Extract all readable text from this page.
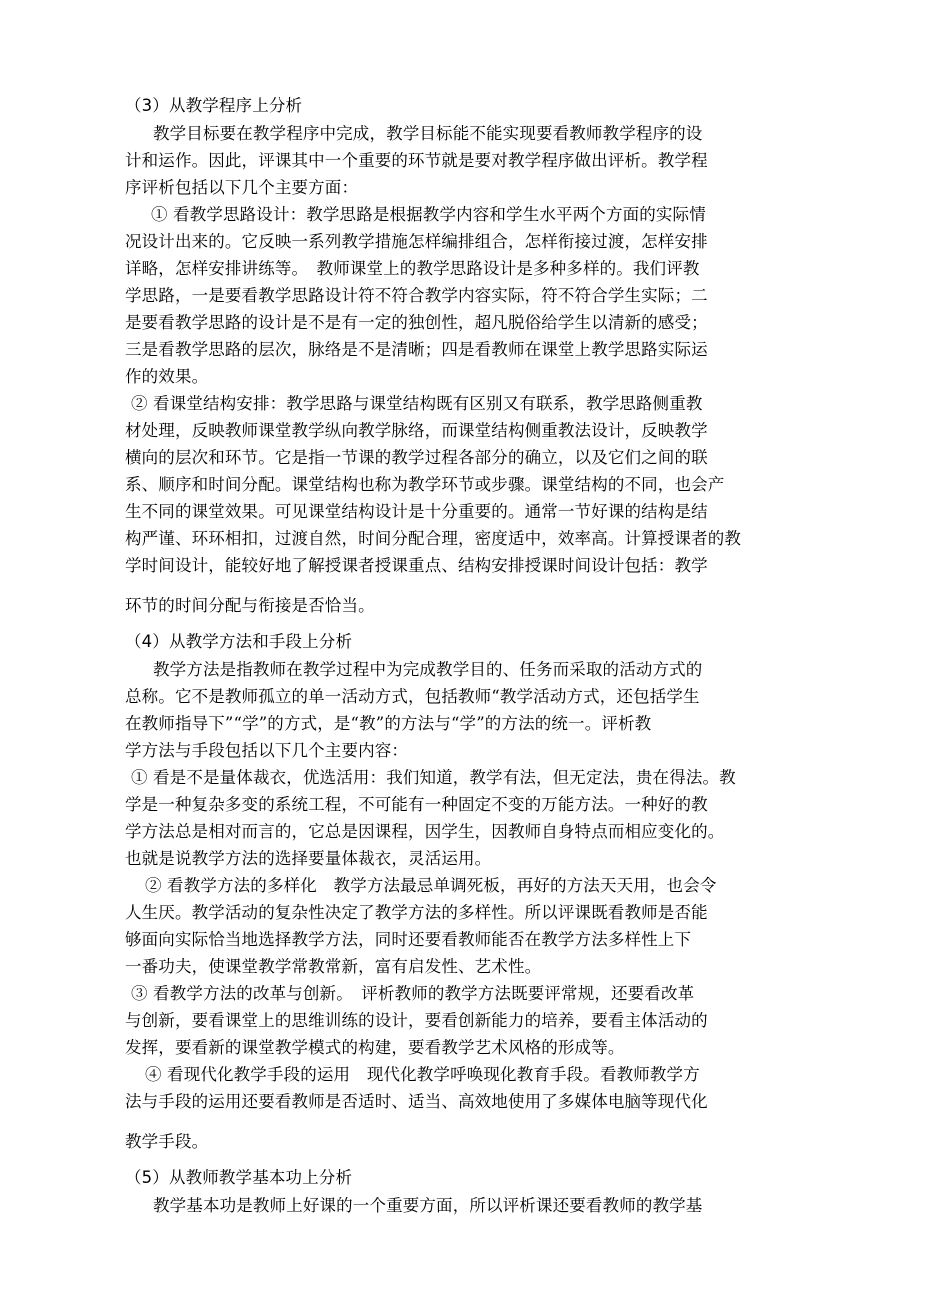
（3）从教学程序上分析
教学目标要在教学程序中完成，教学目标能不能实现要看教师教学程序的设
计和运作。因此，评课其中一个重要的环节就是要对教学程序做出评析。教学程
序评析包括以下几个主要方面：
① 看教学思路设计：教学思路是根据教学内容和学生水平两个方面的实际情
况设计出来的。它反映一系列教学措施怎样编排组合，怎样衔接过渡，怎样安排
详略，怎样安排讲练等。　教师课堂上的教学思路设计是多种多样的。我们评教
学思路，一是要看教学思路设计符不符合教学内容实际，符不符合学生实际；二
是要看教学思路的设计是不是有一定的独创性，超凡脱俗给学生以清新的感受；
三是看教学思路的层次，脉络是不是清晰；四是看教师在课堂上教学思路实际运
作的效果。
② 看课堂结构安排：教学思路与课堂结构既有区别又有联系，教学思路侧重教
材处理，反映教师课堂教学纵向教学脉络，而课堂结构侧重教法设计，反映教学
横向的层次和环节。它是指一节课的教学过程各部分的确立，以及它们之间的联
系、顺序和时间分配。课堂结构也称为教学环节或步骤。课堂结构的不同，也会产
生不同的课堂效果。可见课堂结构设计是十分重要的。通常一节好课的结构是结
构严谨、环环相扣，过渡自然，时间分配合理，密度适中，效率高。计算授课者的教
学时间设计，能较好地了解授课者授课重点、结构安排授课时间设计包括：教学
环节的时间分配与衔接是否恰当。
（4）从教学方法和手段上分析
教学方法是指教师在教学过程中为完成教学目的、任务而采取的活动方式的
总称。它不是教师孤立的单一活动方式，包括教师“教学活动方式，还包括学生
在教师指导下”“学”的方式，是“教”的方法与“学”的方法的统一。评析教
学方法与手段包括以下几个主要内容：
① 看是不是量体裁衣，优选活用：我们知道，教学有法，但无定法，贵在得法。教
学是一种复杂多变的系统工程，不可能有一种固定不变的万能方法。一种好的教
学方法总是相对而言的，它总是因课程，因学生，因教师自身特点而相应变化的。
也就是说教学方法的选择要量体裁衣，灵活运用。
② 看教学方法的多样化　教学方法最忌单调死板，再好的方法天天用，也会令
人生厌。教学活动的复杂性决定了教学方法的多样性。所以评课既看教师是否能
够面向实际恰当地选择教学方法，同时还要看教师能否在教学方法多样性上下
一番功夫，使课堂教学常教常新，富有启发性、艺术性。
③ 看教学方法的改革与创新。　评析教师的教学方法既要评常规，还要看改革
与创新，要看课堂上的思维训练的设计，要看创新能力的培养，要看主体活动的
发挥，要看新的课堂教学模式的构建，要看教学艺术风格的形成等。
④ 看现代化教学手段的运用　现代化教学呼唤现化教育手段。看教师教学方
法与手段的运用还要看教师是否适时、适当、高效地使用了多媒体电脑等现代化
教学手段。
（5）从教师教学基本功上分析
教学基本功是教师上好课的一个重要方面，所以评析课还要看教师的教学基
